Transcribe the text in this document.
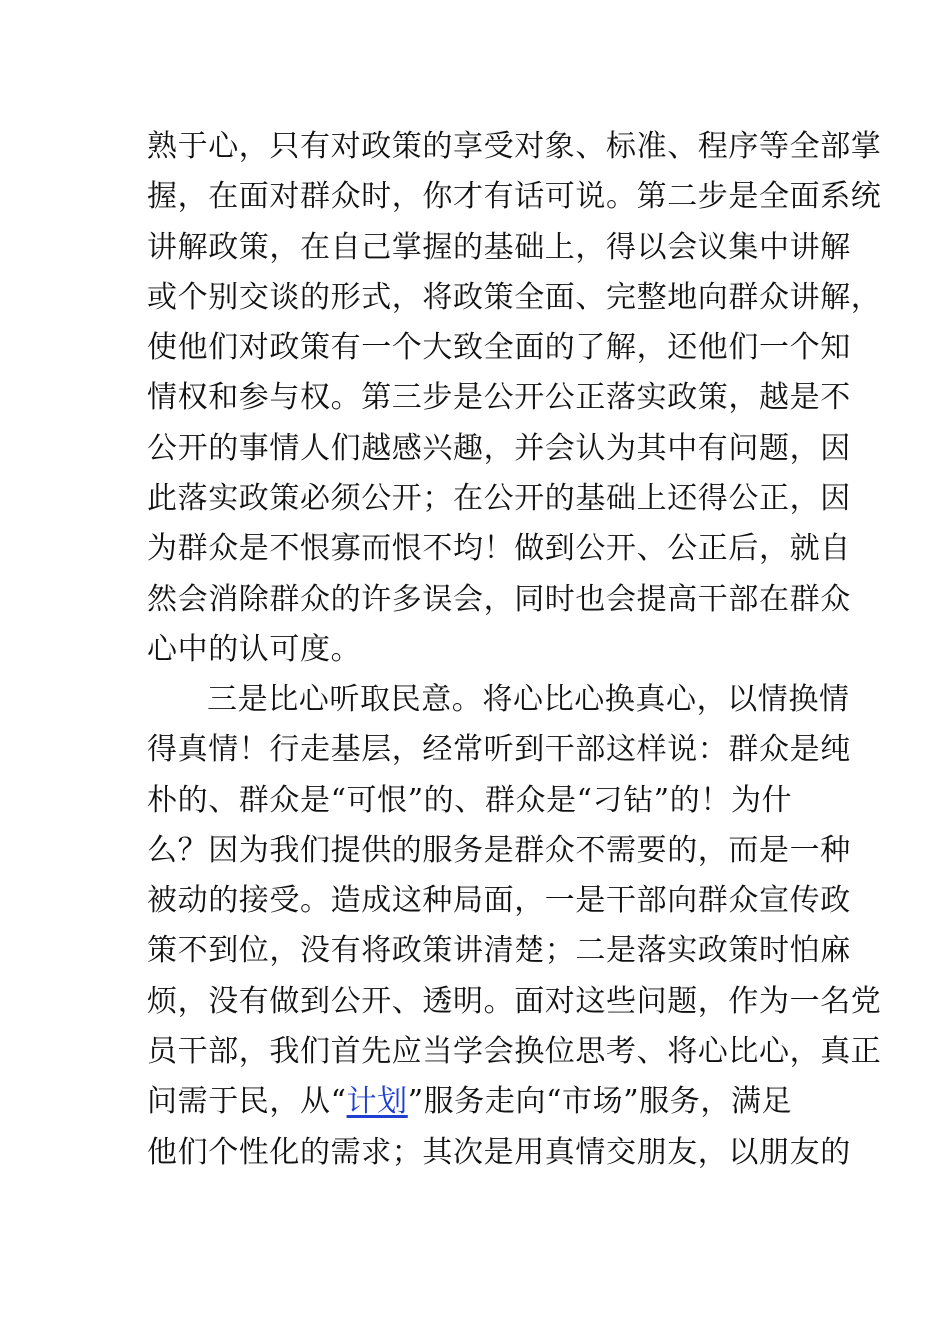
熟于心，只有对政策的享受对象、标准、程序等全部掌
握，在面对群众时，你才有话可说。第二步是全面系统
讲解政策，在自己掌握的基础上，得以会议集中讲解
或个别交谈的形式，将政策全面、完整地向群众讲解，
使他们对政策有一个大致全面的了解，还他们一个知
情权和参与权。第三步是公开公正落实政策，越是不
公开的事情人们越感兴趣，并会认为其中有问题，因
此落实政策必须公开；在公开的基础上还得公正，因
为群众是不恨寡而恨不均！做到公开、公正后，就自
然会消除群众的许多误会，同时也会提高干部在群众
心中的认可度。
三是比心听取民意。将心比心换真心，以情换情
得真情！行走基层，经常听到干部这样说：群众是纯
朴的、群众是“可恨”的、群众是“刁钻”的！为什
么？因为我们提供的服务是群众不需要的，而是一种
被动的接受。造成这种局面，一是干部向群众宣传政
策不到位，没有将政策讲清楚；二是落实政策时怕麻
烦，没有做到公开、透明。面对这些问题，作为一名党
员干部，我们首先应当学会换位思考、将心比心，真正
问需于民，从“计划”服务走向“市场”服务，满足
他们个性化的需求；其次是用真情交朋友，以朋友的
